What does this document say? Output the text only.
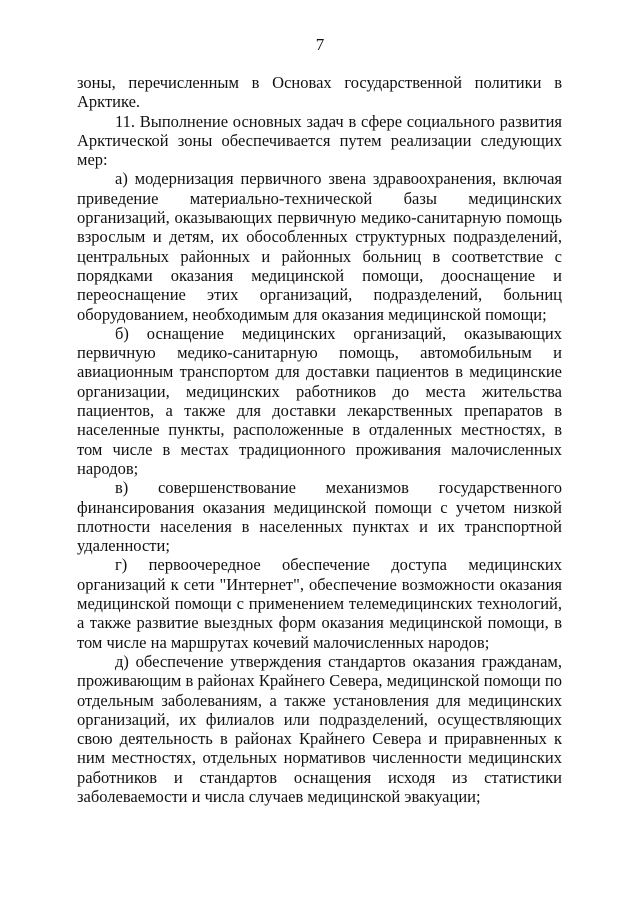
7

зоны, перечисленным в Основах государственной политики в Арктике.

11. Выполнение основных задач в сфере социального развития Арктической зоны обеспечивается путем реализации следующих мер:

а) модернизация первичного звена здравоохранения, включая приведение материально-технической базы медицинских организаций, оказывающих первичную медико-санитарную помощь взрослым и детям, их обособленных структурных подразделений, центральных районных и районных больниц в соответствие с порядками оказания медицинской помощи, дооснащение и переоснащение этих организаций, подразделений, больниц оборудованием, необходимым для оказания медицинской помощи;

б) оснащение медицинских организаций, оказывающих первичную медико-санитарную помощь, автомобильным и авиационным транспортом для доставки пациентов в медицинские организации, медицинских работников до места жительства пациентов, а также для доставки лекарственных препаратов в населенные пункты, расположенные в отдаленных местностях, в том числе в местах традиционного проживания малочисленных народов;

в) совершенствование механизмов государственного финансирования оказания медицинской помощи с учетом низкой плотности населения в населенных пунктах и их транспортной удаленности;

г) первоочередное обеспечение доступа медицинских организаций к сети "Интернет", обеспечение возможности оказания медицинской помощи с применением телемедицинских технологий, а также развитие выездных форм оказания медицинской помощи, в том числе на маршрутах кочевий малочисленных народов;

д) обеспечение утверждения стандартов оказания гражданам, проживающим в районах Крайнего Севера, медицинской помощи по отдельным заболеваниям, а также установления для медицинских организаций, их филиалов или подразделений, осуществляющих свою деятельность в районах Крайнего Севера и приравненных к ним местностях, отдельных нормативов численности медицинских работников и стандартов оснащения исходя из статистики заболеваемости и числа случаев медицинской эвакуации;
